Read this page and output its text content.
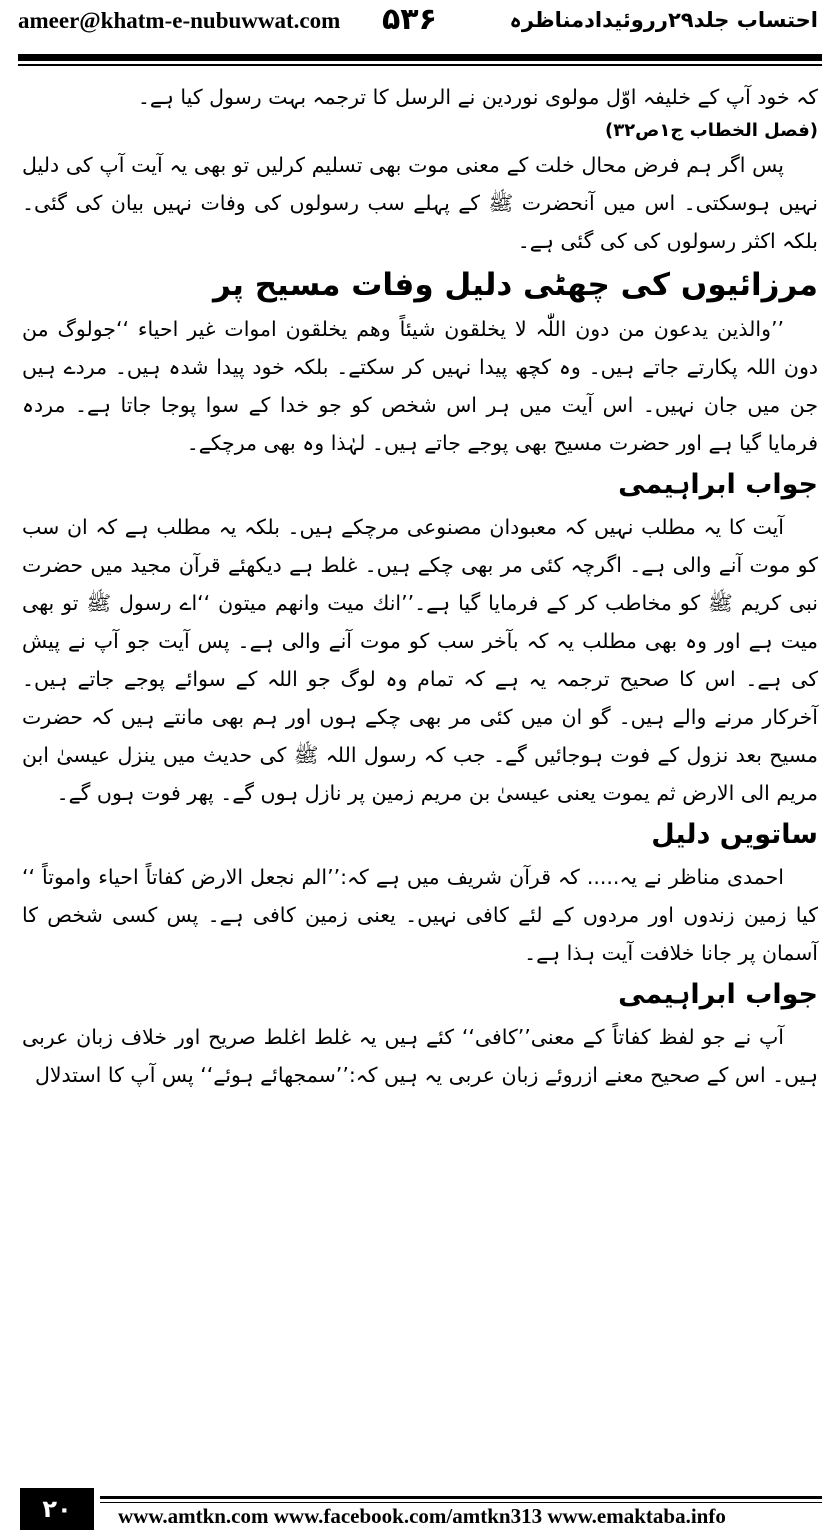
ameer@khatm-e-nubuwwat.com ۵۳۶	احتساب جلد۲۹رروئیدادمناظرہ

کہ خود آپ کے خلیفہ اوّل مولوی نوردین نے الرسل کا ترجمہ بہت رسول کیا ہے۔

(فصل الخطاب ج۱ص۳۲)

پس اگر ہم فرض محال خلت کے معنی موت بھی تسلیم کرلیں تو بھی یہ آیت آپ کی دلیل نہیں ہوسکتی۔ اس میں آنحضرت ﷺ کے پہلے سب رسولوں کی وفات نہیں بیان کی گئی۔ بلکہ اکثر رسولوں کی کی گئی ہے۔

مرزائیوں کی چھٹی دلیل وفات مسیح پر

’’والذین یدعون من دون اللّٰہ لا یخلقون شیئاً وھم یخلقون اموات غیر احیاء ‘‘جولوگ من دون اللہ پکارتے جاتے ہیں۔ وہ کچھ پیدا نہیں کر سکتے۔ بلکہ خود پیدا شدہ ہیں۔ مردے ہیں جن میں جان نہیں۔ اس آیت میں ہر اس شخص کو جو خدا کے سوا پوجا جاتا ہے۔ مردہ فرمایا گیا ہے اور حضرت مسیح بھی پوجے جاتے ہیں۔ لہٰذا وہ بھی مرچکے۔

جواب ابراہیمی

آیت کا یہ مطلب نہیں کہ معبودان مصنوعی مرچکے ہیں۔ بلکہ یہ مطلب ہے کہ ان سب کو موت آنے والی ہے۔ اگرچہ کئی مر بھی چکے ہیں۔ غلط ہے دیکھئے قرآن مجید میں حضرت نبی کریم ﷺ کو مخاطب کر کے فرمایا گیا ہے۔’’انك میت وانهم میتون ‘‘اے رسول ﷺ تو بھی میت ہے اور وہ بھی مطلب یہ کہ بآخر سب کو موت آنے والی ہے۔ پس آیت جو آپ نے پیش کی ہے۔ اس کا صحیح ترجمہ یہ ہے کہ تمام وہ لوگ جو اللہ کے سوائے پوجے جاتے ہیں۔ آخرکار مرنے والے ہیں۔ گو ان میں کئی مر بھی چکے ہوں اور ہم بھی مانتے ہیں کہ حضرت مسیح بعد نزول کے فوت ہوجائیں گے۔ جب کہ رسول اللہ ﷺ کی حدیث میں ینزل عیسیٰ ابن مریم الی الارض ثم یموت یعنی عیسیٰ بن مریم زمین پر نازل ہوں گے۔ پھر فوت ہوں گے۔

ساتویں دلیل

احمدی مناظر نے یہ..... کہ قرآن شریف میں ہے کہ:’’الم نجعل الارض کفاتاً احیاء واموتاً ‘‘ کیا زمین زندوں اور مردوں کے لئے کافی نہیں۔ یعنی زمین کافی ہے۔ پس کسی شخص کا آسمان پر جانا خلافت آیت ہذا ہے۔

جواب ابراہیمی

آپ نے جو لفظ کفاتاً کے معنی’’کافی‘‘ کئے ہیں یہ غلط اغلط صریح اور خلاف زبان عربی ہیں۔ اس کے صحیح معنے ازروئے زبان عربی یہ ہیں کہ:’’سمجھائے ہوئے‘‘ پس آپ کا استدلال

۲۰	www.amtkn.com www.facebook.com/amtkn313 www.emaktaba.info
